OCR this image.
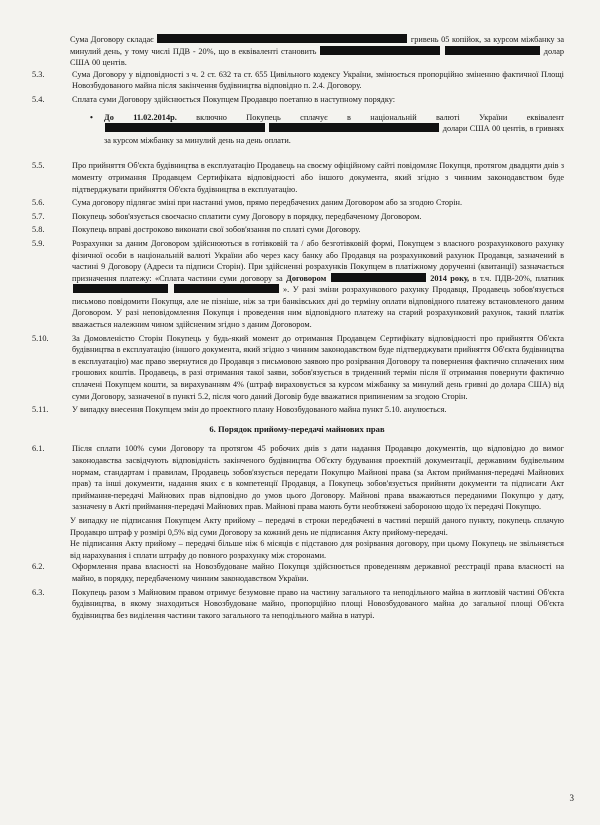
Сума Договору складає	гривень 05 копійок, за курсом міжбанку за минулий день, у тому числі ПДВ - 20%, що в еквіваленті становить	долар США 00 центів.
5.3.	Сума Договору у відповідності з ч. 2 ст. 632 та ст. 655 Цивільного кодексу України, змінюється пропорційно зміненню фактичної Площі Новозбудованого майна після закінчення будівництва відповідно п. 2.4. Договору.
5.4.	Сплата суми Договору здійснюється Покупцем Продавцю поетапно в наступному порядку:
•	До 11.02.2014р. включно Покупець сплачує в національній валюті України еквівалент   долари США 00 центів, в гривнях за курсом міжбанку за минулий день на день оплати.
5.5.	Про прийняття Об'єкта будівництва в експлуатацію Продавець на своєму офіційному сайті повідомляє Покупця, протягом двадцяти днів з моменту отримання Продавцем Сертифіката відповідності або іншого документа, який згідно з чинним законодавством буде підтверджувати прийняття Об'єкта будівництва в експлуатацію.
5.6.	Сума договору підлягає зміні при настанні умов, прямо передбачених даним Договором або за згодою Сторін.
5.7.	Покупець зобов'язується своєчасно сплатити суму Договору в порядку, передбаченому Договором.
5.8.	Покупець вправі достроково виконати свої зобов'язання по сплаті суми Договору.
5.9.	Розрахунки за даним Договором здійснюються в готівковій та / або безготівковій формі, Покупцем з власного розрахункового рахунку фізичної особи в національній валюті України або через касу банку або Продавця на розрахунковий рахунок Продавця, зазначений в частині 9 Договору (Адреси та підписи Сторін). При здійсненні розрахунків Покупцем в платіжному дорученні (квитанції) зазначається призначення платежу: «Сплата частини суми договору за Договором	2014 року, в т.ч. ПДВ-20%, платник   ». У разі зміни розрахункового рахунку Продавця, Продавець зобов'язується письмово повідомити Покупця, але не пізніше, ніж за три банківських дні до терміну оплати відповідного платежу встановленого даним Договором. У разі неповідомлення Покупця і проведення ним відповідного платежу на старий розрахунковий рахунок, такий платіж вважається належним чином здійсненим згідно з даним Договором.
5.10.	За Домовленістю Сторін Покупець у будь-який момент до отримання Продавцем Сертифікату відповідності про прийняття Об'єкта будівництва в експлуатацію (іншого документа, який згідно з чинним законодавством буде підтверджувати прийняття Об'єкта будівництва в експлуатацію) має право звернутися до Продавця з письмовою заявою про розірвання Договору та повернення фактично сплачених ним грошових коштів. Продавець, в разі отримання такої заяви, зобов'язується в триденний термін після її отримання повернути фактично сплачені Покупцем кошти, за вирахуванням 4% (штраф вираховується за курсом міжбанку за минулий день гривні до долара США) від суми Договору, зазначеної в пункті 5.2, після чого даний Договір буде вважатися припиненим за згодою Сторін.
5.11.	У випадку внесення Покупцем змін до проектного плану Новозбудованого майна пункт 5.10. анулюється.
6. Порядок прийому-передачі майнових прав
6.1.	Після сплати 100% суми Договору та протягом 45 робочих днів з дати надання Продавцю документів, що відповідно до вимог законодавства засвідчують відповідність закінченого будівництва Об'єкту будування проектній документації, державним будівельним нормам, стандартам і правилам, Продавець зобов'язується передати Покупцю Майнові права (за Актом приймання-передачі Майнових прав) та інші документи, надання яких є в компетенції Продавця, а Покупець зобов'язується прийняти документи та підписати Акт приймання-передачі Майнових прав відповідно до умов цього Договору. Майнові права вважаються переданими Покупцю у дату, зазначену в Акті приймання-передачі Майнових прав. Майнові права мають бути необтяжені забороною щодо їх передачі Покупцю.
У випадку не підписання Покупцем Акту прийому – передачі в строки передбачені в частині першій даного пункту, покупець сплачую Продавцю штраф у розмірі 0,5% від суми Договору за кожний день не підписання Акту прийому-передачі.
Не підписання Акту прийому – передачі більше ніж 6 місяців є підставою для розірвання договору, при цьому Покупець не звільняється від нарахування і сплати штрафу до повного розрахунку між сторонами.
6.2.	Оформлення права власності на Новозбудоване майно Покупця здійснюється проведенням державної реєстрації права власності на майно, в порядку, передбаченому чинним законодавством України.
6.3.	Покупець разом з Майновим правом отримує безумовне право на частину загального та неподільного майна в житловій частині Об'єкта будівництва, в якому знаходиться Новозбудоване майно, пропорційно площі Новозбудованого майна до загальної площі Об'єкта будівництва без виділення частини такого загального та неподільного майна в натурі.
3
